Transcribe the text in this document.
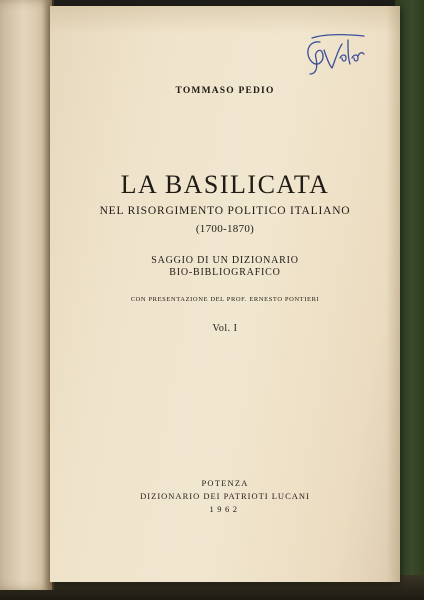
TOMMASO PEDIO
LA BASILICATA
NEL RISORGIMENTO POLITICO ITALIANO
(1700-1870)
SAGGIO DI UN DIZIONARIO
BIO-BIBLIOGRAFICO
CON PRESENTAZIONE DEL PROF. ERNESTO PONTIERI
Vol. I
POTENZA
DIZIONARIO DEI PATRIOTI LUCANI
1962
